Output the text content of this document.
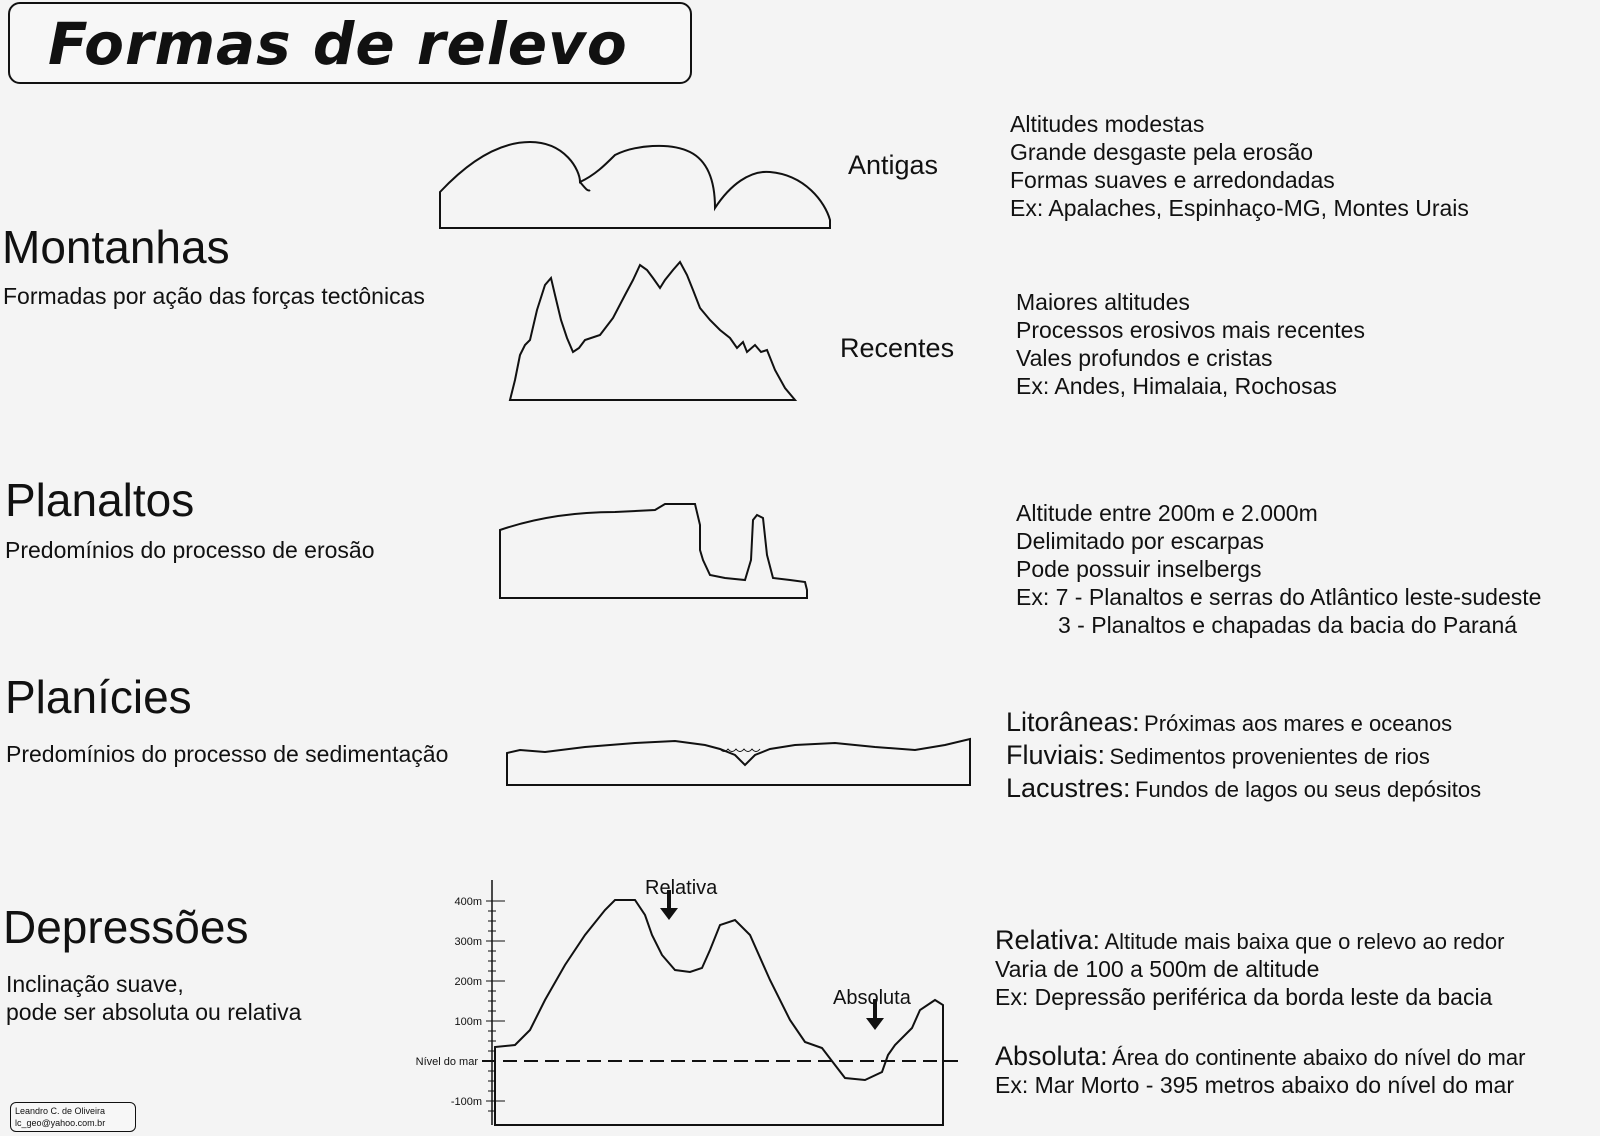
Formas de relevo
Montanhas
Formadas por ação das forças tectônicas
Antigas
Altitudes modestas
Grande desgaste pela erosão
Formas suaves e arredondadas
Ex: Apalaches, Espinhaço-MG, Montes Urais
Recentes
Maiores altitudes
Processos erosivos mais recentes
Vales profundos e cristas
Ex: Andes, Himalaia, Rochosas
Planaltos
Predomínios do processo de erosão
Altitude entre 200m e 2.000m
Delimitado por escarpas
Pode possuir inselbergs
Ex: 7 - Planaltos e serras do Atlântico leste-sudeste
3 - Planaltos e chapadas da bacia do Paraná
Planícies
Predomínios do processo de sedimentação
Litorâneas: Próximas aos mares e oceanos
Fluviais: Sedimentos provenientes de rios
Lacustres: Fundos de lagos ou seus depósitos
Depressões
Inclinação suave,
pode ser absoluta ou relativa
400m
300m
200m
100m
Nível do mar
-100m
Relativa
Absoluta
Relativa: Altitude mais baixa que o relevo ao redor
Varia de 100 a 500m de altitude
Ex: Depressão periférica da borda leste da bacia
Absoluta: Área do continente abaixo do nível do mar
Ex: Mar Morto - 395 metros abaixo do nível do mar
Leandro C. de Oliveira
lc_geo@yahoo.com.br
